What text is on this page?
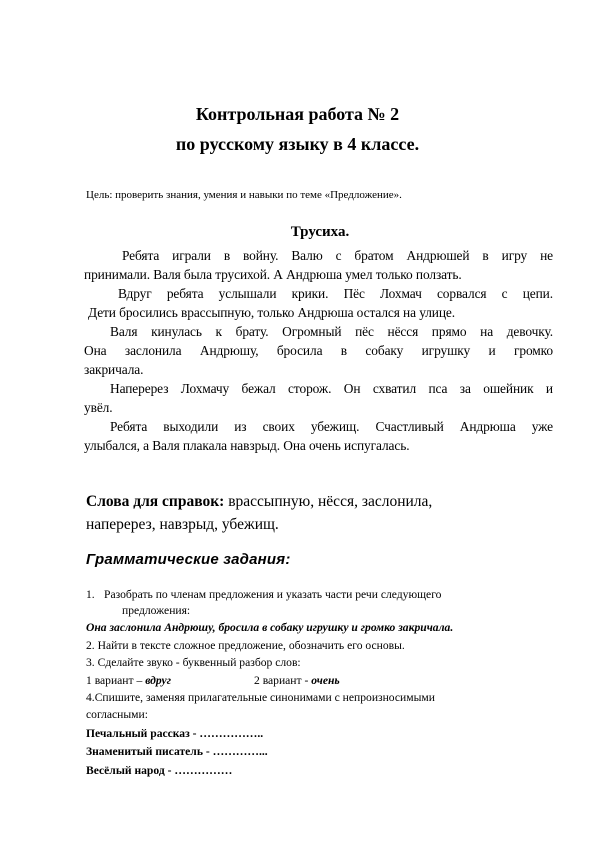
Контрольная работа № 2
по русскому языку в 4 классе.
Цель: проверить знания, умения и навыки по теме «Предложение».
Трусиха.
Ребята играли в войну. Валю с братом Андрюшей в игру не
принимали. Валя была трусихой. А Андрюша умел только ползать.
Вдруг ребята услышали крики. Пёс Лохмач сорвался с цепи.
Дети бросились врассыпную, только Андрюша остался на улице.
Валя кинулась к брату. Огромный пёс нёсся прямо на девочку.
Она заслонила Андрюшу, бросила в собаку игрушку и громко
закричала.
Наперерез Лохмачу бежал сторож. Он схватил пса за ошейник и
увёл.
Ребята выходили из своих убежищ. Счастливый Андрюша уже
улыбался, а Валя плакала навзрыд. Она очень испугалась.
Слова для справок: врассыпную, нёсся, заслонила,
наперерез, навзрыд, убежищ.
Грамматические задания:
1. Разобрать по членам предложения и указать части речи следующего
предложения:
Она заслонила Андрюшу, бросила в собаку игрушку и громко закричала.
2. Найти в тексте сложное предложение, обозначить его основы.
3. Сделайте звуко - буквенный разбор слов:
1 вариант – вдруг	2 вариант - очень
4.Спишите, заменяя прилагательные синонимами с непроизносимыми
согласными:
Печальный рассказ - ……………..
Знаменитый писатель - …………...
Весёлый народ - ……………
